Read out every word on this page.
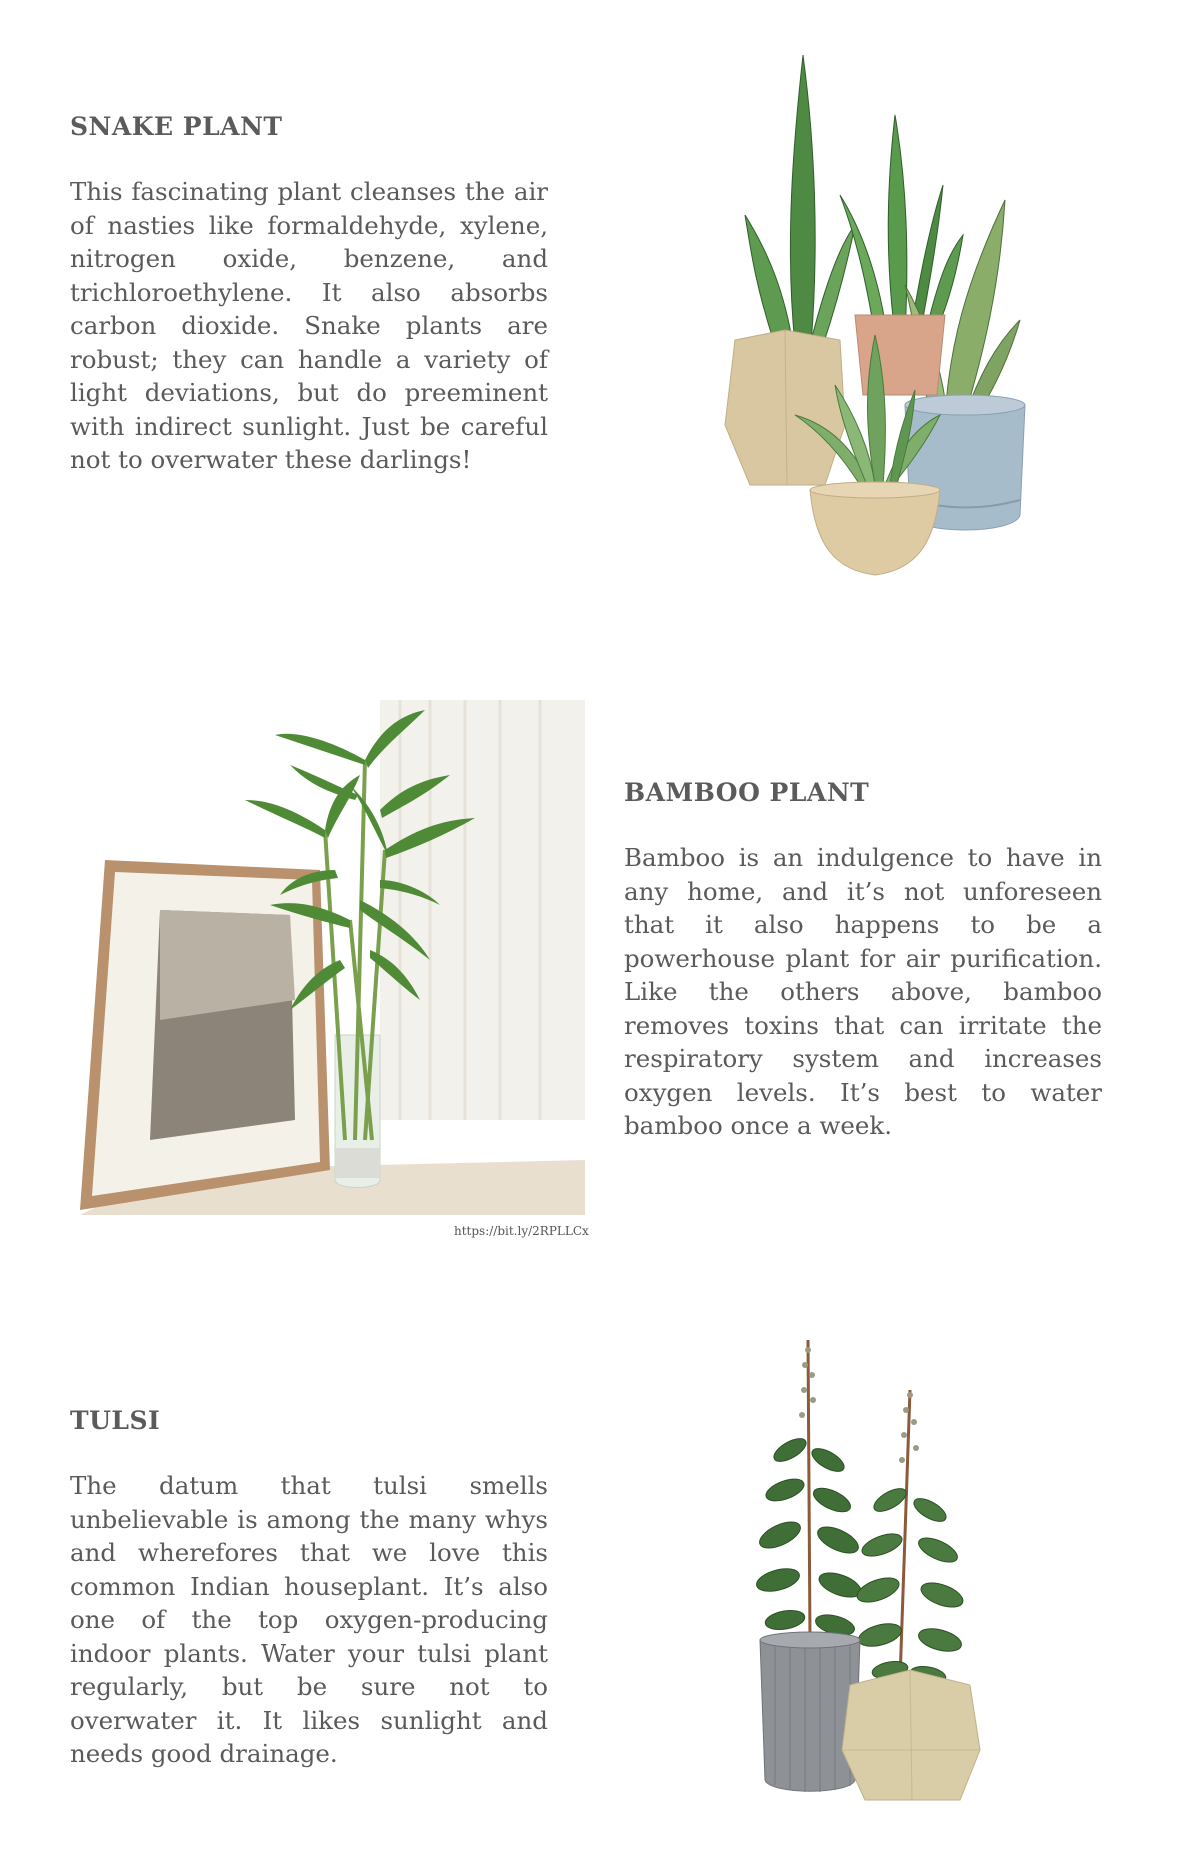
SNAKE PLANT

This fascinating plant cleanses the air of nasties like formaldehyde, xylene, nitrogen oxide, benzene, and trichloroethylene. It also absorbs carbon dioxide. Snake plants are robust; they can handle a variety of light deviations, but do preeminent with indirect sunlight. Just be careful not to overwater these darlings!

BAMBOO PLANT

Bamboo is an indulgence to have in any home, and it’s not unforeseen that it also happens to be a powerhouse plant for air purification. Like the others above, bamboo removes toxins that can irritate the respiratory system and increases oxygen levels. It’s best to water bamboo once a week.

https://bit.ly/2RPLLCx
TULSI

The datum that tulsi smells unbelievable is among the many whys and wherefores that we love this common Indian houseplant. It’s also one of the top oxygen-producing indoor plants. Water your tulsi plant regularly, but be sure not to overwater it. It likes sunlight and needs good drainage.
